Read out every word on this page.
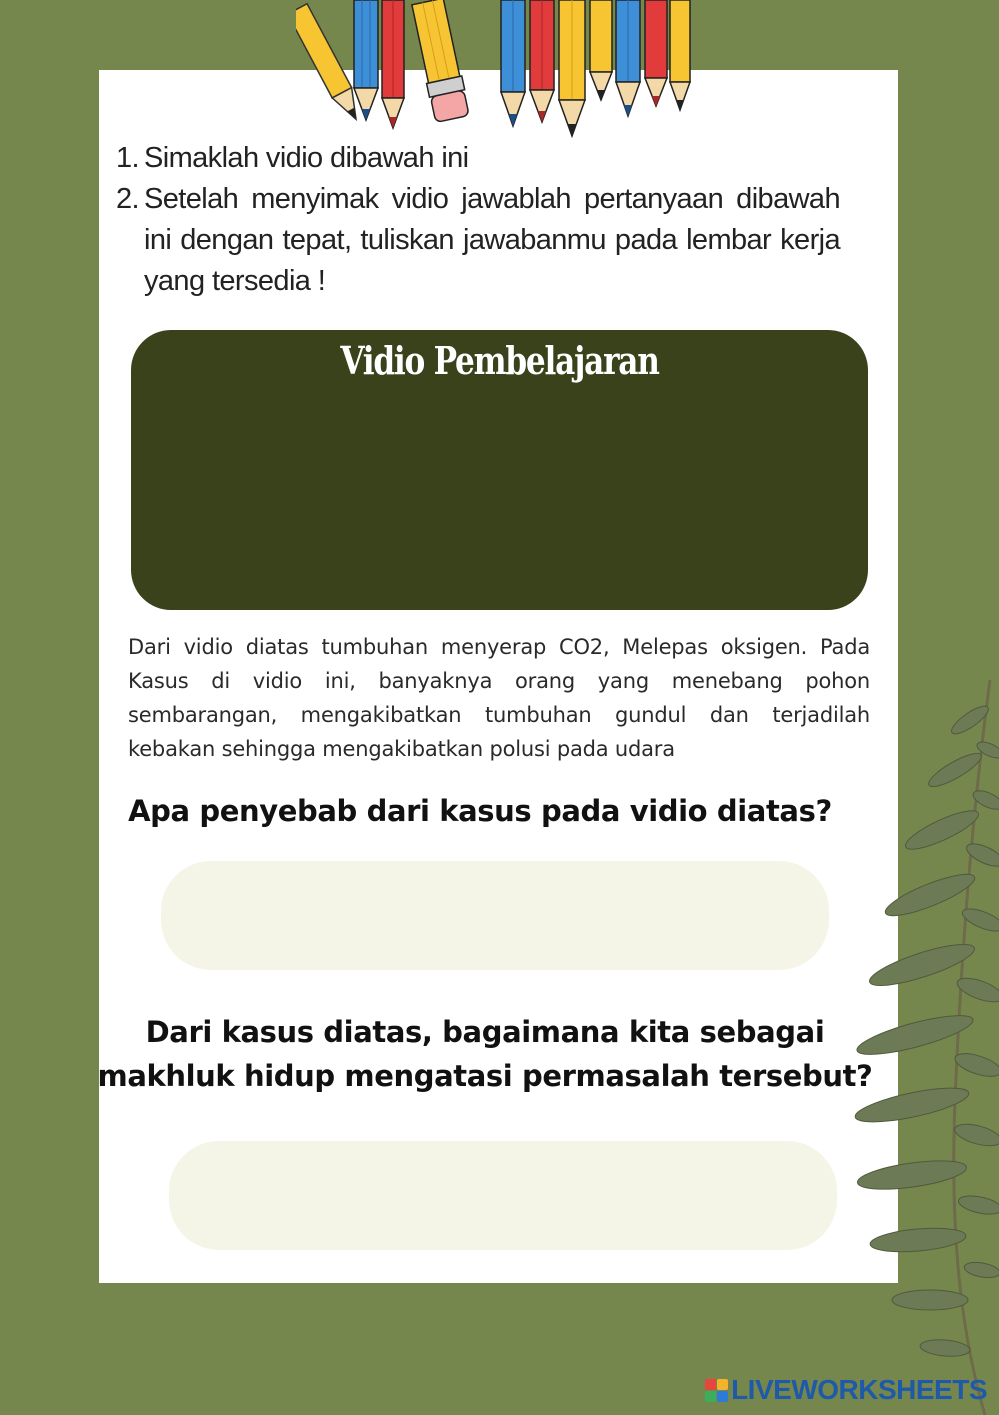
1. Simaklah vidio dibawah ini
2. Setelah menyimak vidio jawablah pertanyaan dibawah ini dengan tepat, tuliskan jawabanmu pada lembar kerja yang tersedia !
Vidio Pembelajaran
Dari vidio diatas tumbuhan menyerap CO2, Melepas oksigen. Pada Kasus di vidio ini, banyaknya orang yang menebang pohon sembarangan, mengakibatkan tumbuhan gundul dan terjadilah kebakan sehingga mengakibatkan polusi pada udara
Apa penyebab dari kasus pada vidio diatas?
Dari kasus diatas, bagaimana kita sebagai
makhluk hidup mengatasi permasalah tersebut?
LIVEWORKSHEETS
